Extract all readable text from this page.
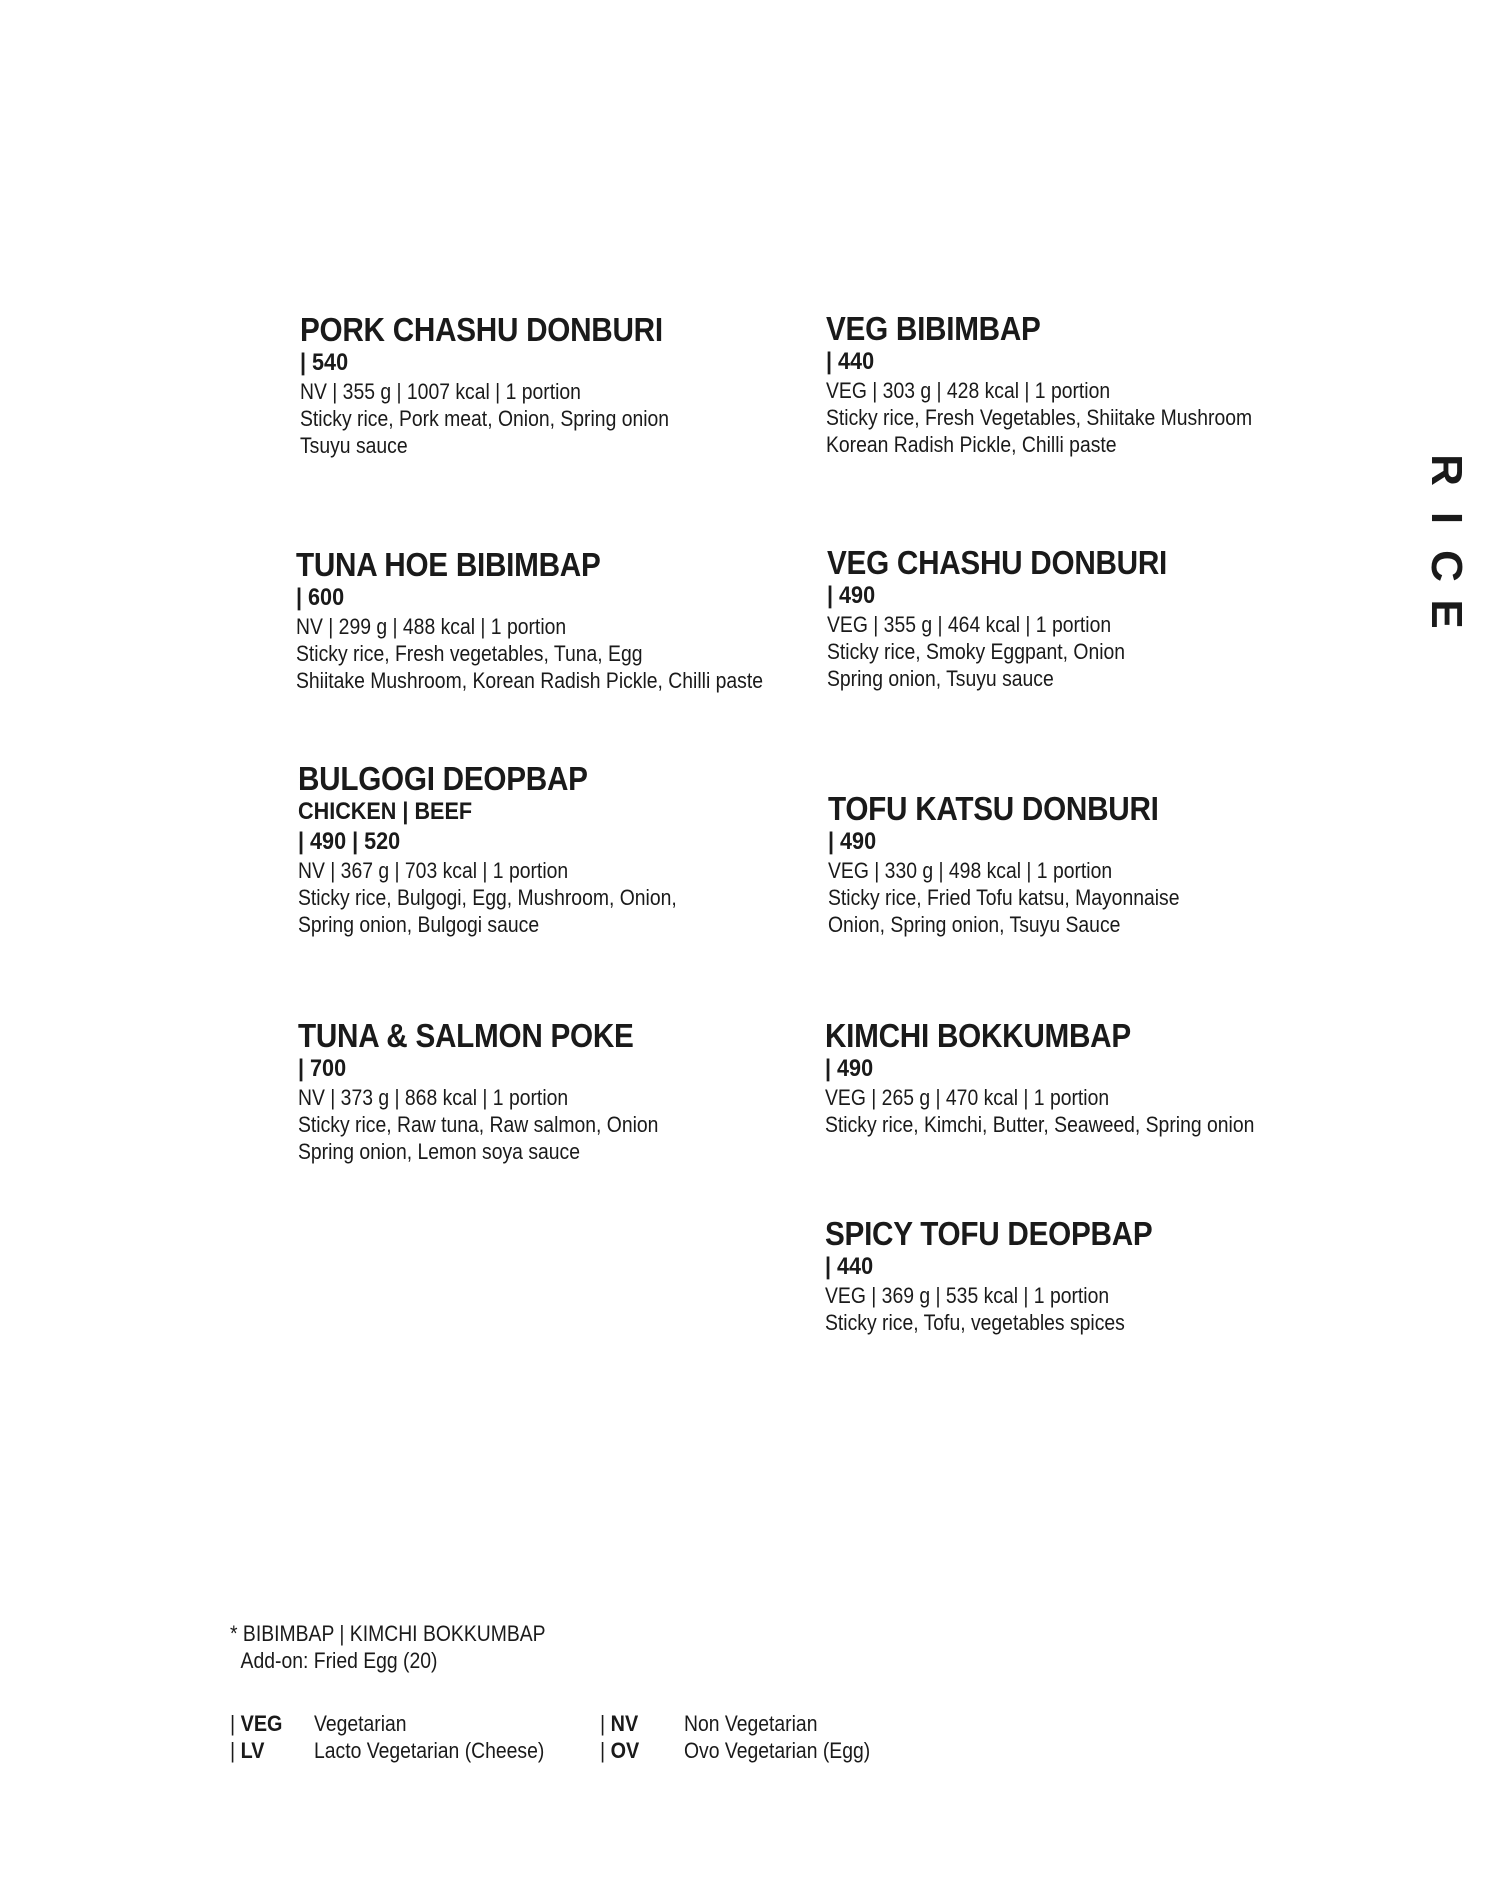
PORK CHASHU DONBURI
| 540
NV | 355 g | 1007 kcal | 1 portion
Sticky rice, Pork meat, Onion, Spring onion
Tsuyu sauce
VEG BIBIMBAP
| 440
VEG | 303 g | 428 kcal | 1 portion
Sticky rice, Fresh Vegetables, Shiitake Mushroom
Korean Radish Pickle, Chilli paste
TUNA HOE BIBIMBAP
| 600
NV | 299 g | 488 kcal | 1 portion
Sticky rice, Fresh vegetables, Tuna, Egg
Shiitake Mushroom, Korean Radish Pickle, Chilli paste
VEG CHASHU DONBURI
| 490
VEG | 355 g | 464 kcal | 1 portion
Sticky rice, Smoky Eggpant, Onion
Spring onion, Tsuyu sauce
BULGOGI DEOPBAP
CHICKEN | BEEF
| 490 | 520
NV | 367 g | 703 kcal | 1 portion
Sticky rice, Bulgogi, Egg, Mushroom, Onion,
Spring onion, Bulgogi sauce
TOFU KATSU DONBURI
| 490
VEG | 330 g | 498 kcal | 1 portion
Sticky rice, Fried Tofu katsu, Mayonnaise
Onion, Spring onion, Tsuyu Sauce
TUNA & SALMON POKE
| 700
NV | 373 g | 868 kcal | 1 portion
Sticky rice, Raw tuna, Raw salmon, Onion
Spring onion, Lemon soya sauce
KIMCHI BOKKUMBAP
| 490
VEG | 265 g | 470 kcal | 1 portion
Sticky rice, Kimchi, Butter, Seaweed, Spring onion
SPICY TOFU DEOPBAP
| 440
VEG | 369 g | 535 kcal | 1 portion
Sticky rice, Tofu, vegetables spices
R
I
C
E
* BIBIMBAP | KIMCHI BOKKUMBAP
Add-on: Fried Egg (20)
| VEG	Vegetarian
| LV	Lacto Vegetarian (Cheese)
| NV	Non Vegetarian
| OV	Ovo Vegetarian (Egg)
